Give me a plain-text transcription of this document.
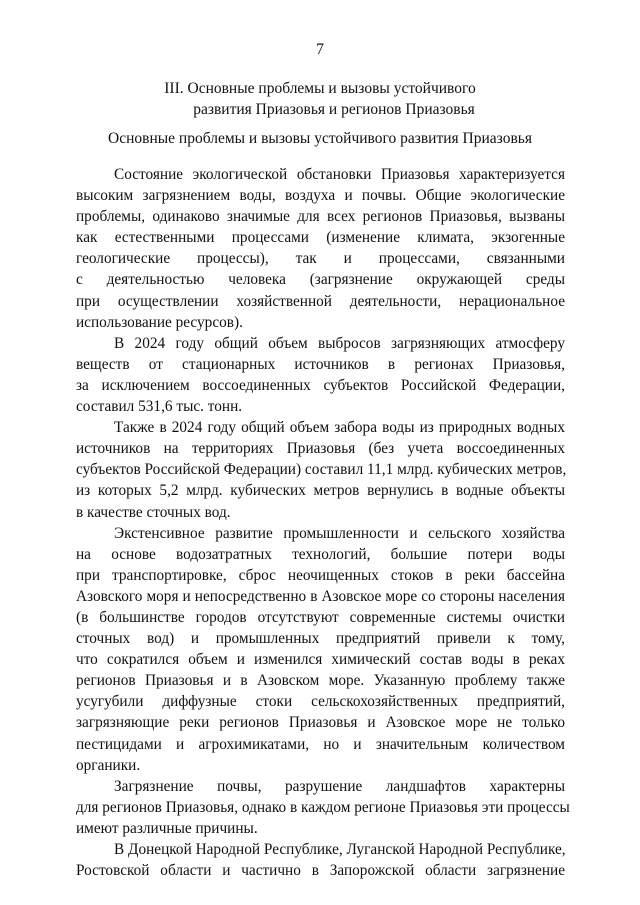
7
III. Основные проблемы и вызовы устойчивого
развития Приазовья и регионов Приазовья
Основные проблемы и вызовы устойчивого развития Приазовья
Состояние экологической обстановки Приазовья характеризуется
высоким загрязнением воды, воздуха и почвы. Общие экологические
проблемы, одинаково значимые для всех регионов Приазовья, вызваны
как естественными процессами (изменение климата, экзогенные
геологические процессы), так и процессами, связанными
с деятельностью человека (загрязнение окружающей среды
при осуществлении хозяйственной деятельности, нерациональное
использование ресурсов).
В 2024 году общий объем выбросов загрязняющих атмосферу
веществ от стационарных источников в регионах Приазовья,
за исключением воссоединенных субъектов Российской Федерации,
составил 531,6 тыс. тонн.
Также в 2024 году общий объем забора воды из природных водных
источников на территориях Приазовья (без учета воссоединенных
субъектов Российской Федерации) составил 11,1 млрд. кубических метров,
из которых 5,2 млрд. кубических метров вернулись в водные объекты
в качестве сточных вод.
Экстенсивное развитие промышленности и сельского хозяйства
на основе водозатратных технологий, большие потери воды
при транспортировке, сброс неочищенных стоков в реки бассейна
Азовского моря и непосредственно в Азовское море со стороны населения
(в большинстве городов отсутствуют современные системы очистки
сточных вод) и промышленных предприятий привели к тому,
что сократился объем и изменился химический состав воды в реках
регионов Приазовья и в Азовском море. Указанную проблему также
усугубили диффузные стоки сельскохозяйственных предприятий,
загрязняющие реки регионов Приазовья и Азовское море не только
пестицидами и агрохимикатами, но и значительным количеством
органики.
Загрязнение почвы, разрушение ландшафтов характерны
для регионов Приазовья, однако в каждом регионе Приазовья эти процессы
имеют различные причины.
В Донецкой Народной Республике, Луганской Народной Республике,
Ростовской области и частично в Запорожской области загрязнение
